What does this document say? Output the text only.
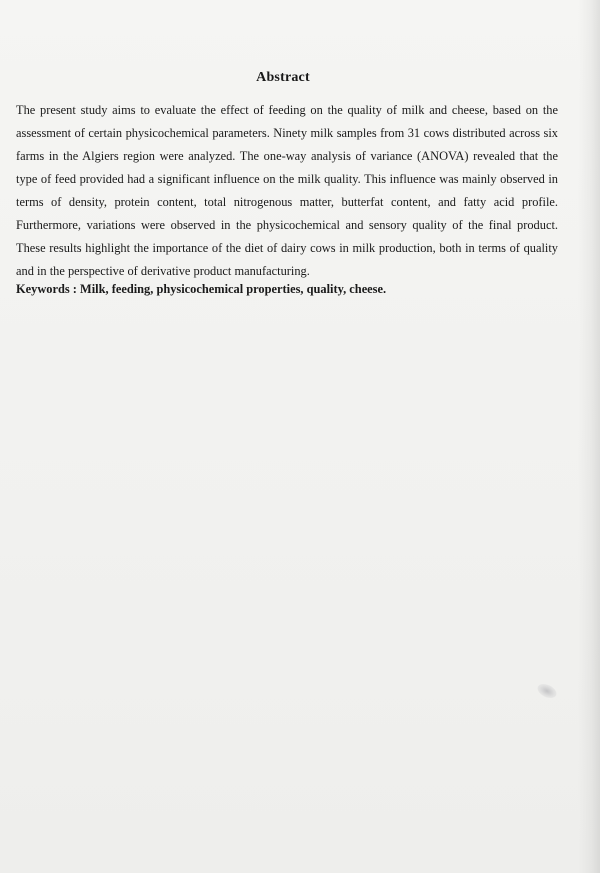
Abstract

The present study aims to evaluate the effect of feeding on the quality of milk and cheese, based on the assessment of certain physicochemical parameters. Ninety milk samples from 31 cows distributed across six farms in the Algiers region were analyzed. The one-way analysis of variance (ANOVA) revealed that the type of feed provided had a significant influence on the milk quality. This influence was mainly observed in terms of density, protein content, total nitrogenous matter, butterfat content, and fatty acid profile. Furthermore, variations were observed in the physicochemical and sensory quality of the final product. These results highlight the importance of the diet of dairy cows in milk production, both in terms of quality and in the perspective of derivative product manufacturing.

Keywords : Milk, feeding, physicochemical properties, quality, cheese.
